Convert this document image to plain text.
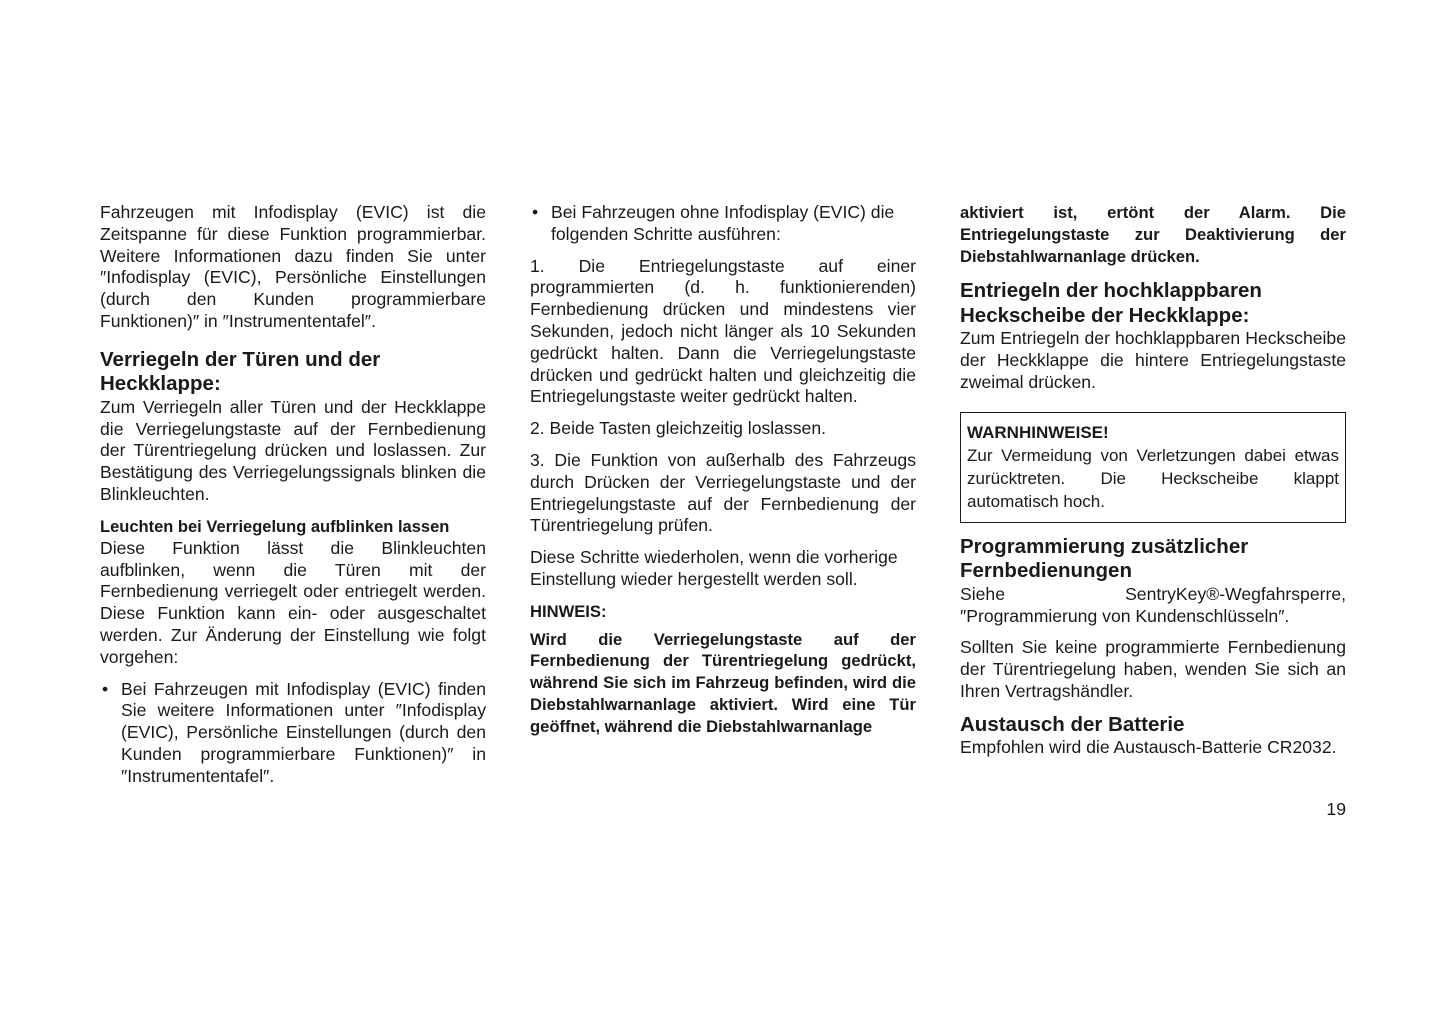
Fahrzeugen mit Infodisplay (EVIC) ist die Zeitspanne für diese Funktion programmierbar. Weitere Informationen dazu finden Sie unter ″Infodisplay (EVIC), Persönliche Einstellungen (durch den Kunden programmierbare Funktionen)″ in ″Instrumententafel″.

Verriegeln der Türen und der Heckklappe:

Zum Verriegeln aller Türen und der Heckklappe die Verriegelungstaste auf der Fernbedienung der Türentriegelung drücken und loslassen. Zur Bestätigung des Verriegelungssignals blinken die Blinkleuchten.

Leuchten bei Verriegelung aufblinken lassen

Diese Funktion lässt die Blinkleuchten aufblinken, wenn die Türen mit der Fernbedienung verriegelt oder entriegelt werden. Diese Funktion kann ein- oder ausgeschaltet werden. Zur Änderung der Einstellung wie folgt vorgehen:

• Bei Fahrzeugen mit Infodisplay (EVIC) finden Sie weitere Informationen unter ″Infodisplay (EVIC), Persönliche Einstellungen (durch den Kunden programmierbare Funktionen)″ in ″Instrumententafel″.
• Bei Fahrzeugen ohne Infodisplay (EVIC) die folgenden Schritte ausführen:

1. Die Entriegelungstaste auf einer programmierten (d. h. funktionierenden) Fernbedienung drücken und mindestens vier Sekunden, jedoch nicht länger als 10 Sekunden gedrückt halten. Dann die Verriegelungstaste drücken und gedrückt halten und gleichzeitig die Entriegelungstaste weiter gedrückt halten.

2. Beide Tasten gleichzeitig loslassen.

3. Die Funktion von außerhalb des Fahrzeugs durch Drücken der Verriegelungstaste und der Entriegelungstaste auf der Fernbedienung der Türentriegelung prüfen.

Diese Schritte wiederholen, wenn die vorherige Einstellung wieder hergestellt werden soll.

HINWEIS:

Wird die Verriegelungstaste auf der Fernbedienung der Türentriegelung gedrückt, während Sie sich im Fahrzeug befinden, wird die Diebstahlwarnanlage aktiviert. Wird eine Tür geöffnet, während die Diebstahlwarnanlage

aktiviert ist, ertönt der Alarm. Die Entriegelungstaste zur Deaktivierung der Diebstahlwarnanlage drücken.

Entriegeln der hochklappbaren Heckscheibe der Heckklappe:

Zum Entriegeln der hochklappbaren Heckscheibe der Heckklappe die hintere Entriegelungstaste zweimal drücken.

WARNHINWEISE!
Zur Vermeidung von Verletzungen dabei etwas zurücktreten. Die Heckscheibe klappt automatisch hoch.
Programmierung zusätzlicher Fernbedienungen

Siehe SentryKey®-Wegfahrsperre, ″Programmierung von Kundenschlüsseln″.

Sollten Sie keine programmierte Fernbedienung der Türentriegelung haben, wenden Sie sich an Ihren Vertragshändler.

Austausch der Batterie

Empfohlen wird die Austausch-Batterie CR2032.

19
